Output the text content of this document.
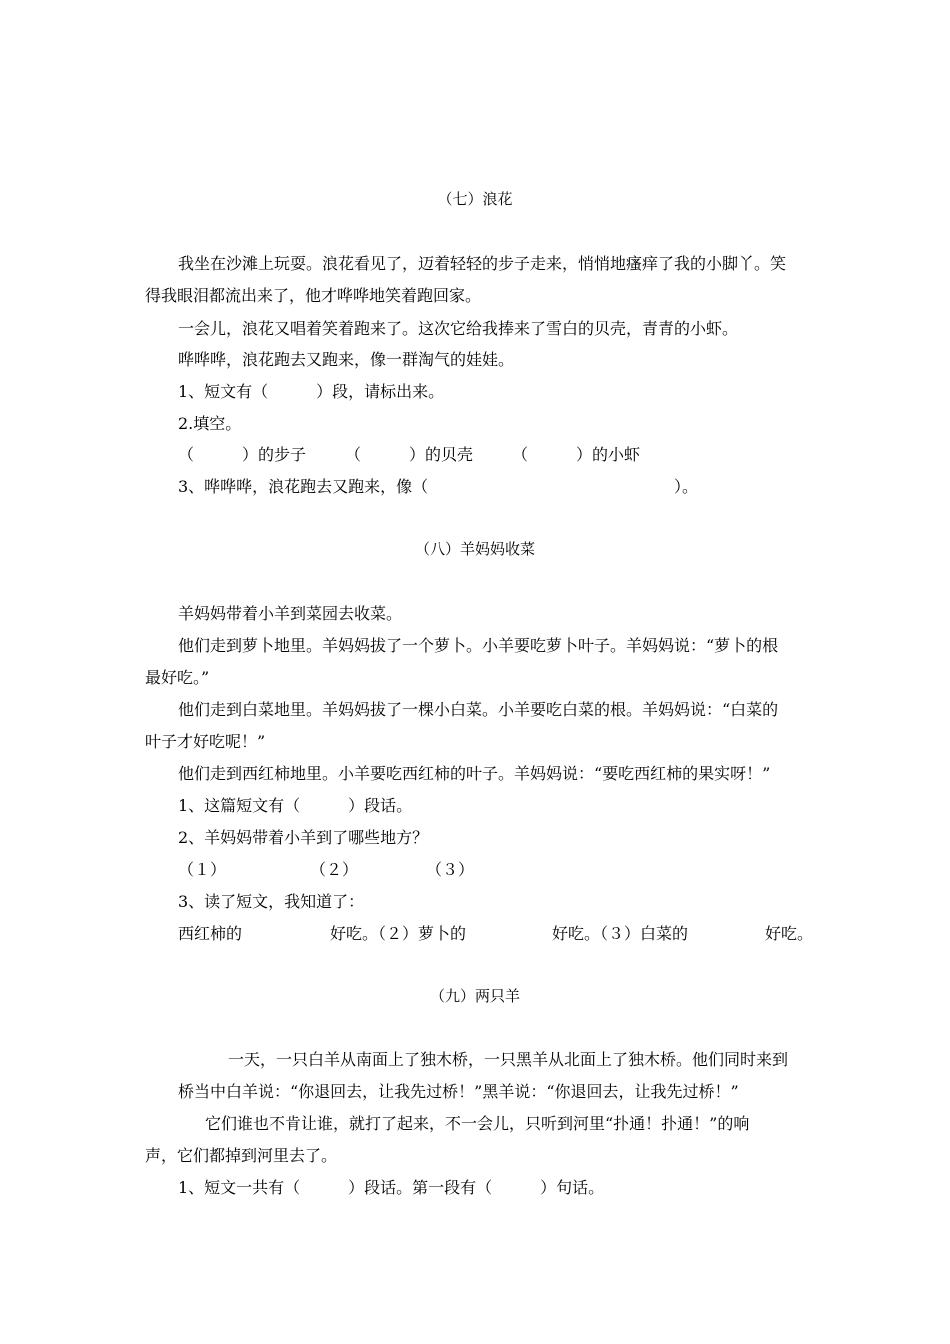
（七）浪花
我坐在沙滩上玩耍。浪花看见了，迈着轻轻的步子走来，悄悄地瘙痒了我的小脚丫。笑
得我眼泪都流出来了，他才哗哗地笑着跑回家。
一会儿，浪花又唱着笑着跑来了。这次它给我捧来了雪白的贝壳，青青的小虾。
哗哗哗，浪花跑去又跑来，像一群淘气的娃娃。
1、短文有（　　　）段，请标出来。
2.填空。
（　　　）的步子 （　　　）的贝壳 （　　　）的小虾
3、哗哗哗，浪花跑去又跑来，像（	）。
（八）羊妈妈收菜
羊妈妈带着小羊到菜园去收菜。
他们走到萝卜地里。羊妈妈拔了一个萝卜。小羊要吃萝卜叶子。羊妈妈说：“萝卜的根
最好吃。”
他们走到白菜地里。羊妈妈拔了一棵小白菜。小羊要吃白菜的根。羊妈妈说：“白菜的
叶子才好吃呢！”
他们走到西红柿地里。小羊要吃西红柿的叶子。羊妈妈说：“要吃西红柿的果实呀！”
1、这篇短文有（　　　）段话。
2、羊妈妈带着小羊到了哪些地方？
（１）	（２）	（３）
3、读了短文，我知道了：
西红柿的	好吃。（２）萝卜的	好吃。（３）白菜的	好吃。
（九）两只羊
一天，一只白羊从南面上了独木桥，一只黑羊从北面上了独木桥。他们同时来到
桥当中白羊说：“你退回去，让我先过桥！”黑羊说：“你退回去，让我先过桥！”
它们谁也不肯让谁，就打了起来，不一会儿，只听到河里“扑通！扑通！”的响
声，它们都掉到河里去了。
1、短文一共有（　　　）段话。第一段有（　　　）句话。
